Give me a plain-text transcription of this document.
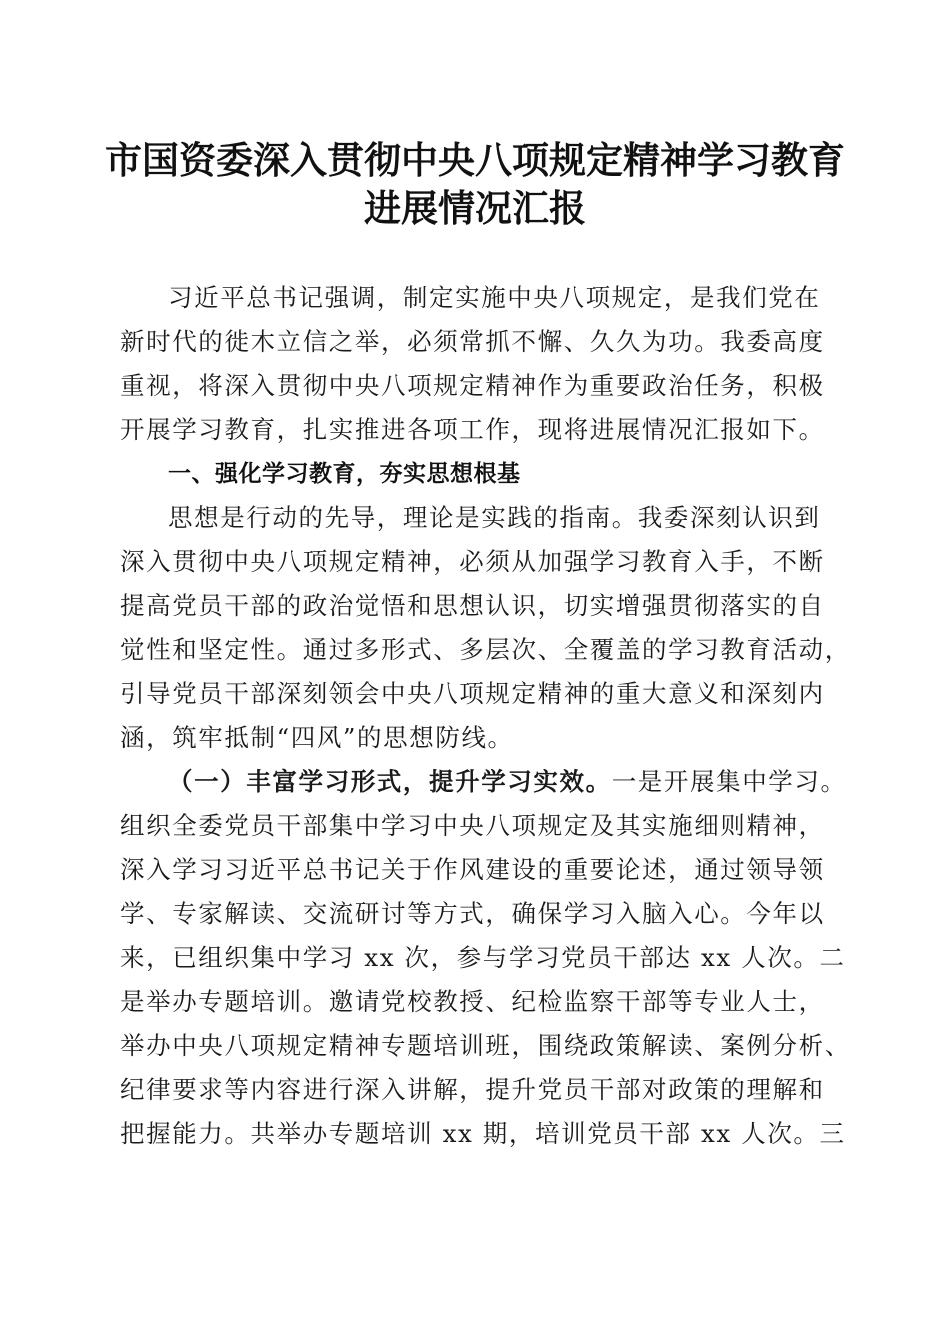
市国资委深入贯彻中央八项规定精神学习教育
进展情况汇报
习近平总书记强调，制定实施中央八项规定，是我们党在
新时代的徙木立信之举，必须常抓不懈、久久为功。我委高度
重视，将深入贯彻中央八项规定精神作为重要政治任务，积极
开展学习教育，扎实推进各项工作，现将进展情况汇报如下。
一、强化学习教育，夯实思想根基
思想是行动的先导，理论是实践的指南。我委深刻认识到
深入贯彻中央八项规定精神，必须从加强学习教育入手，不断
提高党员干部的政治觉悟和思想认识，切实增强贯彻落实的自
觉性和坚定性。通过多形式、多层次、全覆盖的学习教育活动，
引导党员干部深刻领会中央八项规定精神的重大意义和深刻内
涵，筑牢抵制“四风”的思想防线。
（一）丰富学习形式，提升学习实效。一是开展集中学习。
组织全委党员干部集中学习中央八项规定及其实施细则精神，
深入学习习近平总书记关于作风建设的重要论述，通过领导领
学、专家解读、交流研讨等方式，确保学习入脑入心。今年以
来，已组织集中学习 xx 次，参与学习党员干部达 xx 人次。二
是举办专题培训。邀请党校教授、纪检监察干部等专业人士，
举办中央八项规定精神专题培训班，围绕政策解读、案例分析、
纪律要求等内容进行深入讲解，提升党员干部对政策的理解和
把握能力。共举办专题培训 xx 期，培训党员干部 xx 人次。三
